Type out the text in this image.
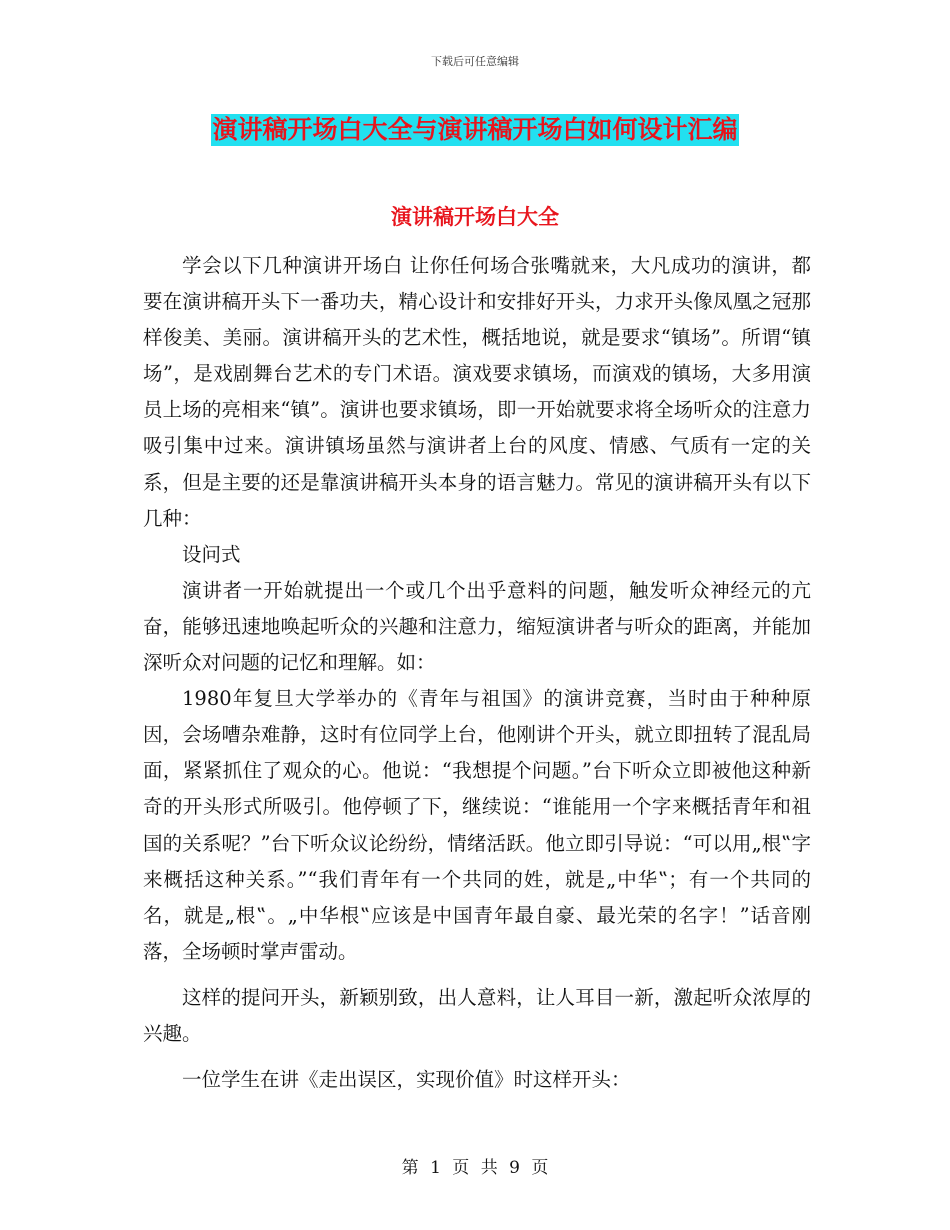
下载后可任意编辑
演讲稿开场白大全与演讲稿开场白如何设计汇编
演讲稿开场白大全

学会以下几种演讲开场白 让你任何场合张嘴就来，大凡成功的演讲，都要在演讲稿开头下一番功夫，精心设计和安排好开头，力求开头像凤凰之冠那样俊美、美丽。演讲稿开头的艺术性，概括地说，就是要求“镇场”。所谓“镇场”，是戏剧舞台艺术的专门术语。演戏要求镇场，而演戏的镇场，大多用演员上场的亮相来“镇”。演讲也要求镇场，即一开始就要求将全场听众的注意力吸引集中过来。演讲镇场虽然与演讲者上台的风度、情感、气质有一定的关系，但是主要的还是靠演讲稿开头本身的语言魅力。常见的演讲稿开头有以下几种：

设问式

演讲者一开始就提出一个或几个出乎意料的问题，触发听众神经元的亢奋，能够迅速地唤起听众的兴趣和注意力，缩短演讲者与听众的距离，并能加深听众对问题的记忆和理解。如：

1980年复旦大学举办的《青年与祖国》的演讲竞赛，当时由于种种原因，会场嘈杂难静，这时有位同学上台，他刚讲个开头，就立即扭转了混乱局面，紧紧抓住了观众的心。他说：“我想提个问题。”台下听众立即被他这种新奇的开头形式所吸引。他停顿了下，继续说：“谁能用一个字来概括青年和祖国的关系呢？”台下听众议论纷纷，情绪活跃。他立即引导说：“可以用„根‟字来概括这种关系。”“我们青年有一个共同的姓，就是„中华‟；有一个共同的名，就是„根‟。„中华根‟应该是中国青年最自豪、最光荣的名字！”话音刚落，全场顿时掌声雷动。

这样的提问开头，新颖别致，出人意料，让人耳目一新，激起听众浓厚的兴趣。

一位学生在讲《走出误区，实现价值》时这样开头：

第 1 页 共 9 页
